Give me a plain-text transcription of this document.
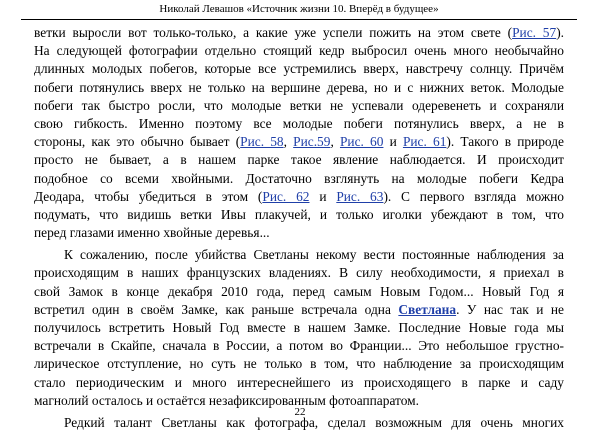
Николай Левашов «Источник жизни 10. Вперёд в будущее»
ветки выросли вот только-только, а какие уже успели пожить на этом свете (Рис. 57).
На следующей фотографии отдельно стоящий кедр выбросил очень много необычайно
длинных молодых побегов, которые все устремились вверх, навстречу солнцу. Причём
побеги потянулись вверх не только на вершине дерева, но и с нижних веток. Молодые
побеги так быстро росли, что молодые ветки не успевали одеревенеть и сохраняли
свою гибкость. Именно поэтому все молодые побеги потянулись вверх, а не в
стороны, как это обычно бывает (Рис. 58, Рис.59, Рис. 60 и Рис. 61). Такого в природе
просто не бывает, а в нашем парке такое явление наблюдается. И происходит
подобное со всеми хвойными. Достаточно взглянуть на молодые побеги Кедра
Деодара, чтобы убедиться в этом (Рис. 62 и Рис. 63). С первого взгляда можно
подумать, что видишь ветки Ивы плакучей, и только иголки убеждают в том, что
перед глазами именно хвойные деревья...
К сожалению, после убийства Светланы некому вести постоянные наблюдения за
происходящим в наших французских владениях. В силу необходимости, я приехал в
свой Замок в конце декабря 2010 года, перед самым Новым Годом... Новый Год я
встретил один в своём Замке, как раньше встречала одна Светлана. У нас так и не
получилось встретить Новый Год вместе в нашем Замке. Последние Новые года мы
встречали в Скайпе, сначала в России, а потом во Франции... Это небольшое грустно-
лирическое отступление, но суть не только в том, что наблюдение за происходящим
стало периодическим и много интереснейшего из происходящего в парке и саду
магнолий осталось и остаётся незафиксированным фотоаппаратом.
Редкий талант Светланы как фотографа, сделал возможным для очень многих
22
